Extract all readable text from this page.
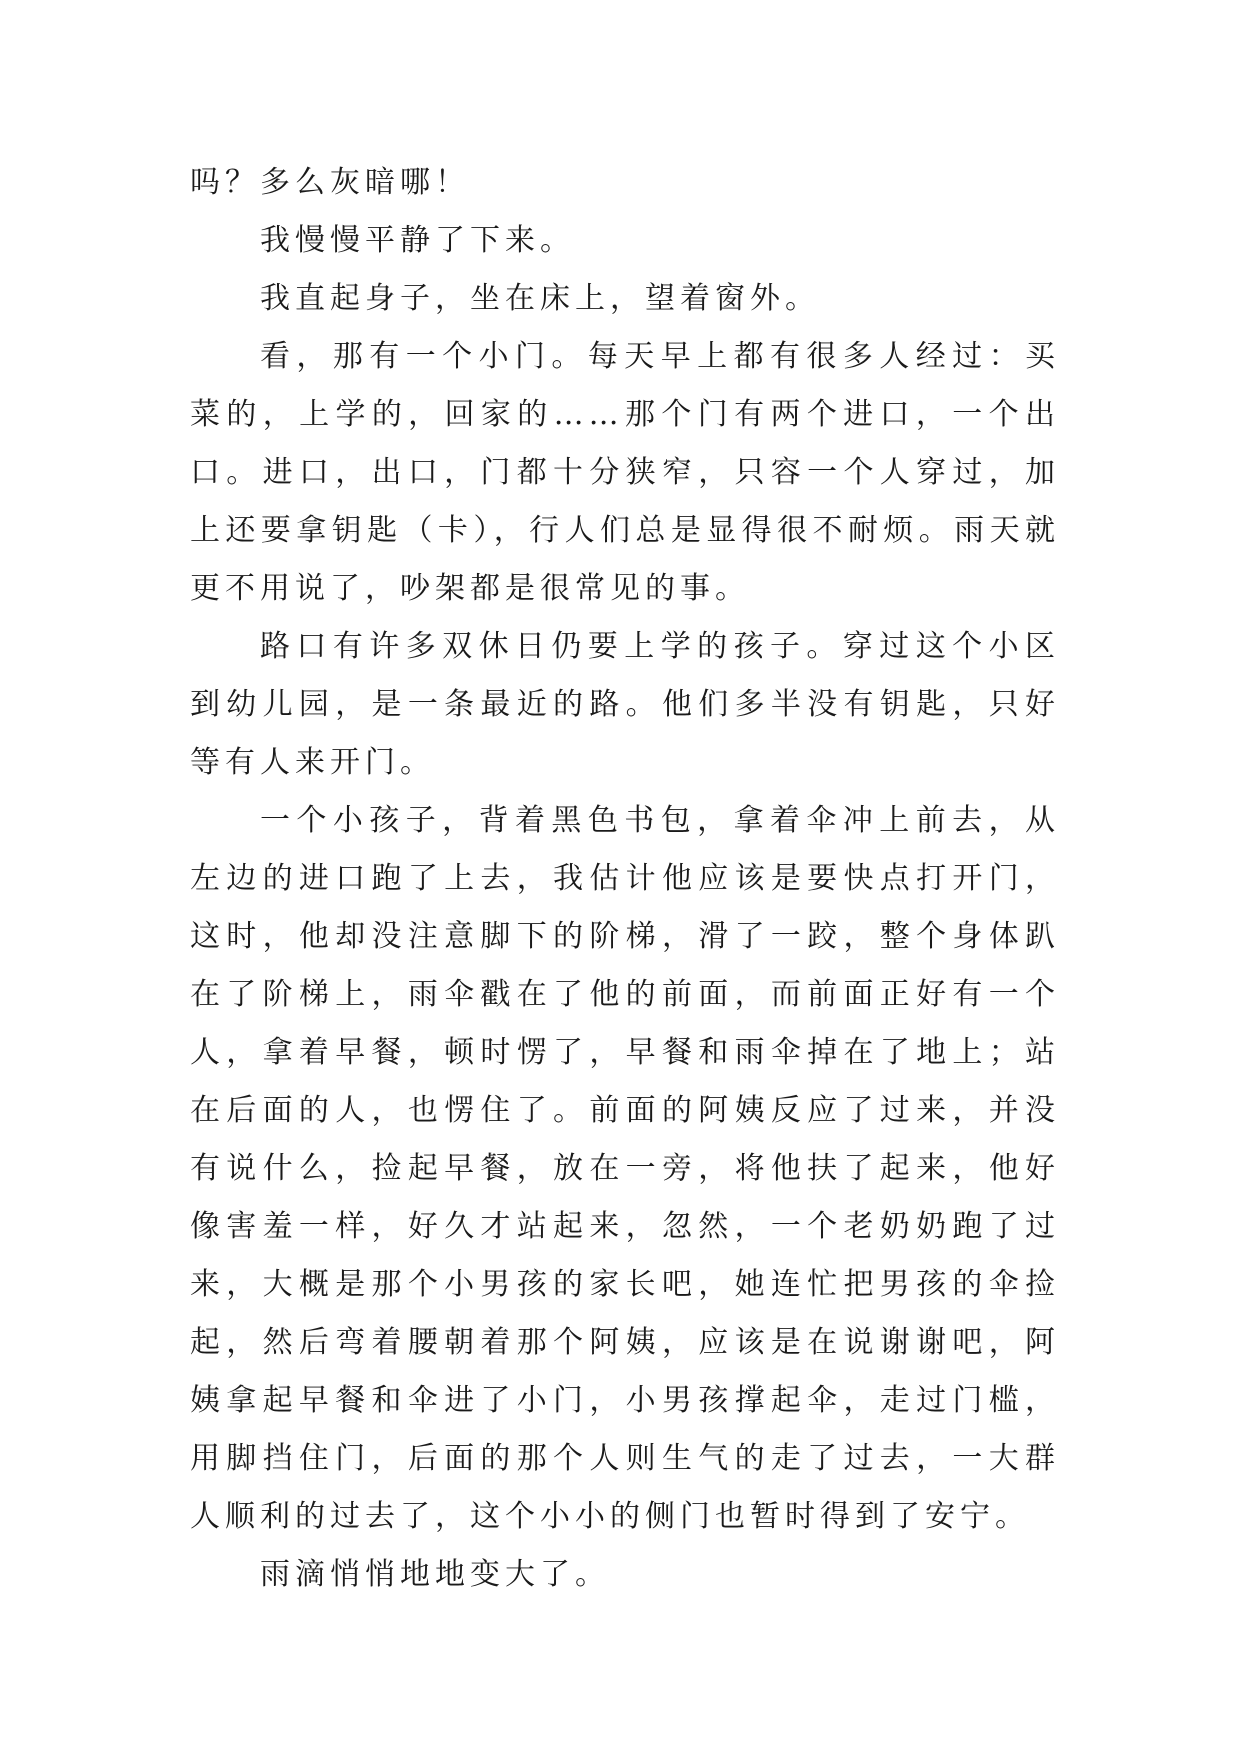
吗？多么灰暗哪！

我慢慢平静了下来。

我直起身子，坐在床上，望着窗外。

看，那有一个小门。每天早上都有很多人经过：买菜的，上学的，回家的……那个门有两个进口，一个出口。进口，出口，门都十分狭窄，只容一个人穿过，加上还要拿钥匙（卡），行人们总是显得很不耐烦。雨天就更不用说了，吵架都是很常见的事。

路口有许多双休日仍要上学的孩子。穿过这个小区到幼儿园，是一条最近的路。他们多半没有钥匙，只好等有人来开门。

一个小孩子，背着黑色书包，拿着伞冲上前去，从左边的进口跑了上去，我估计他应该是要快点打开门，这时，他却没注意脚下的阶梯，滑了一跤，整个身体趴在了阶梯上，雨伞戳在了他的前面，而前面正好有一个人，拿着早餐，顿时愣了，早餐和雨伞掉在了地上；站在后面的人，也愣住了。前面的阿姨反应了过来，并没有说什么，捡起早餐，放在一旁，将他扶了起来，他好像害羞一样，好久才站起来，忽然，一个老奶奶跑了过来，大概是那个小男孩的家长吧，她连忙把男孩的伞捡起，然后弯着腰朝着那个阿姨，应该是在说谢谢吧，阿姨拿起早餐和伞进了小门，小男孩撑起伞，走过门槛，用脚挡住门，后面的那个人则生气的走了过去，一大群人顺利的过去了，这个小小的侧门也暂时得到了安宁。

雨滴悄悄地地变大了。
